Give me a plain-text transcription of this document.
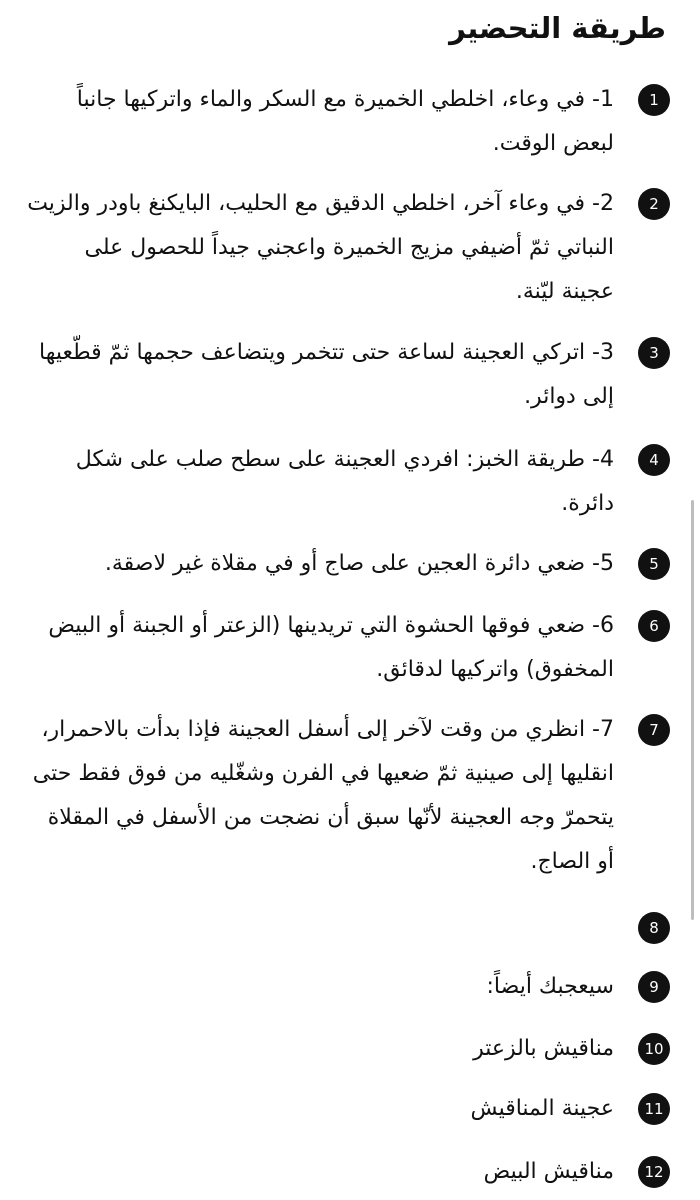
طريقة التحضير
1
1- في وعاء، اخلطي الخميرة مع السكر والماء واتركيها جانباً لبعض الوقت.
2
2- في وعاء آخر، اخلطي الدقيق مع الحليب، البايكنغ باودر والزيت النباتي ثمّ أضيفي مزيج الخميرة واعجني جيداً للحصول على عجينة ليّنة.
3
3- اتركي العجينة لساعة حتى تتخمر ويتضاعف حجمها ثمّ قطّعيها إلى دوائر.
4
4- طريقة الخبز: افردي العجينة على سطح صلب على شكل دائرة.
5
5- ضعي دائرة العجين على صاج أو في مقلاة غير لاصقة.
6
6- ضعي فوقها الحشوة التي تريدينها (الزعتر أو الجبنة أو البيض المخفوق) واتركيها لدقائق.
7
7- انظري من وقت لآخر إلى أسفل العجينة فإذا بدأت بالاحمرار، انقليها إلى صينية ثمّ ضعيها في الفرن وشغّليه من فوق فقط حتى يتحمرّ وجه العجينة لأنّها سبق أن نضجت من الأسفل في المقلاة أو الصاج.
8
9
سيعجبك أيضاً:
10
مناقيش بالزعتر
11
عجينة المناقيش
12
مناقيش البيض
